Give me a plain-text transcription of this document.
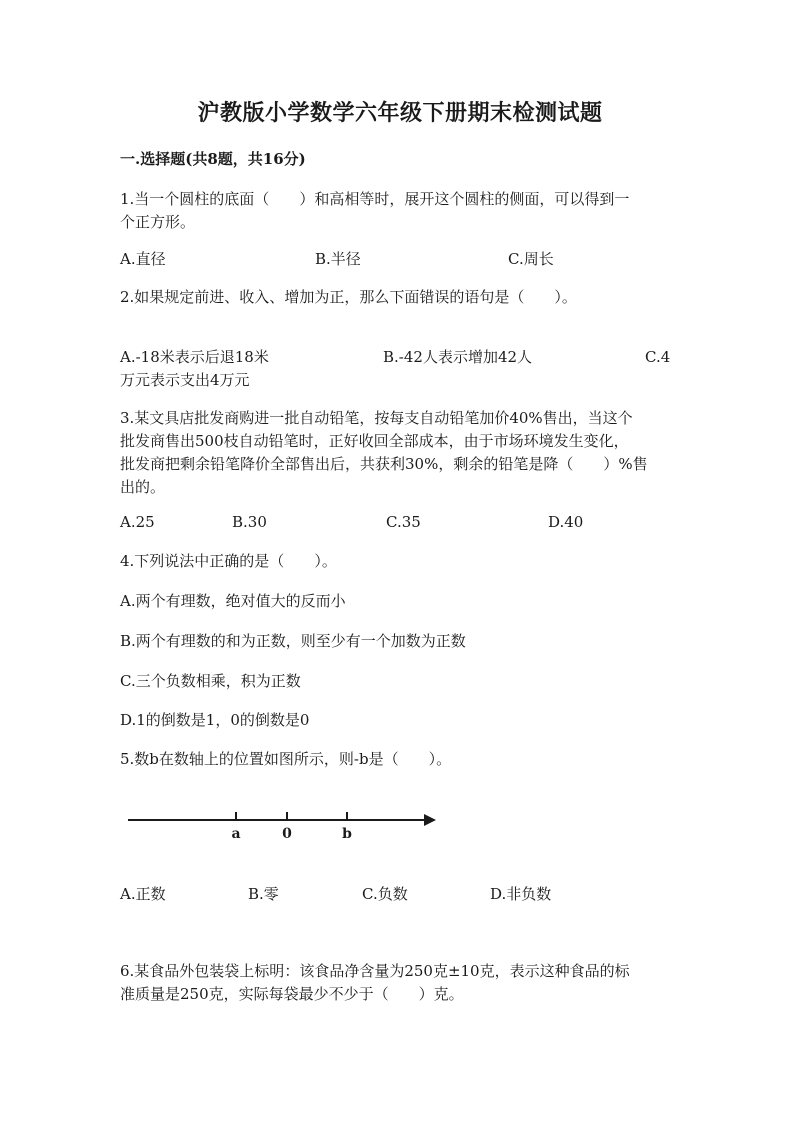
沪教版小学数学六年级下册期末检测试题
一.选择题(共8题，共16分)
1.当一个圆柱的底面（　　）和高相等时，展开这个圆柱的侧面，可以得到一
个正方形。
A.直径	B.半径	C.周长
2.如果规定前进、收入、增加为正，那么下面错误的语句是（　　）。
A.-18米表示后退18米	B.-42人表示增加42人	C.4
万元表示支出4万元
3.某文具店批发商购进一批自动铅笔，按每支自动铅笔加价40%售出，当这个
批发商售出500枝自动铅笔时，正好收回全部成本，由于市场环境发生变化，
批发商把剩余铅笔降价全部售出后，共获利30%，剩余的铅笔是降（　　）%售
出的。
A.25	B.30	C.35	D.40
4.下列说法中正确的是（　　）。
A.两个有理数，绝对值大的反而小
B.两个有理数的和为正数，则至少有一个加数为正数
C.三个负数相乘，积为正数
D.1的倒数是1，0的倒数是0
5.数b在数轴上的位置如图所示，则-b是（　　）。
a	0	b
A.正数	B.零	C.负数	D.非负数
6.某食品外包装袋上标明：该食品净含量为250克±10克，表示这种食品的标
准质量是250克，实际每袋最少不少于（　　）克。
